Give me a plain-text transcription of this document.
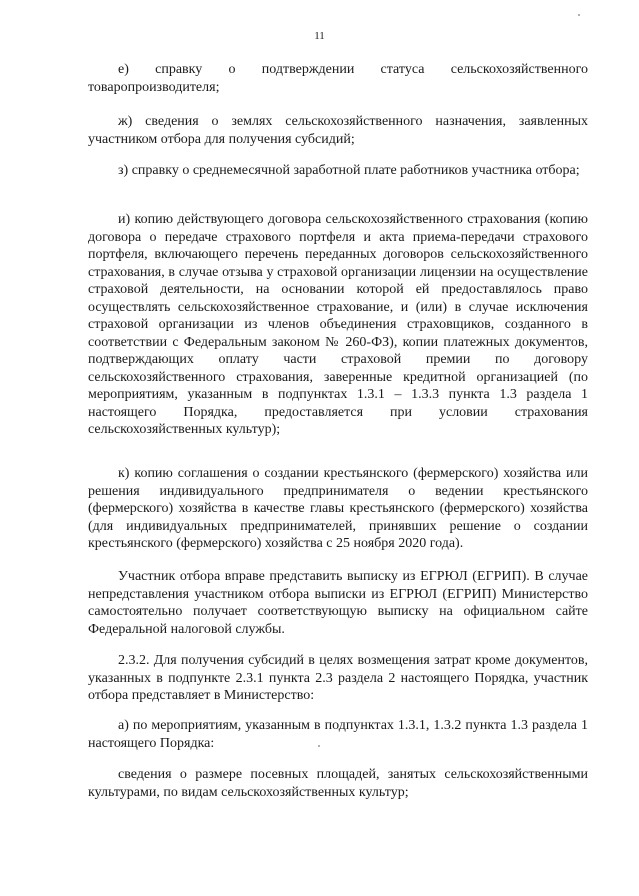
11

е) справку о подтверждении статуса сельскохозяйственного товаропроизводителя;

ж) сведения о землях сельскохозяйственного назначения, заявленных участником отбора для получения субсидий;

з) справку о среднемесячной заработной плате работников участника отбора;

и) копию действующего договора сельскохозяйственного страхования (копию договора о передаче страхового портфеля и акта приема-передачи страхового портфеля, включающего перечень переданных договоров сельскохозяйственного страхования, в случае отзыва у страховой организации лицензии на осуществление страховой деятельности, на основании которой ей предоставлялось право осуществлять сельскохозяйственное страхование, и (или) в случае исключения страховой организации из членов объединения страховщиков, созданного в соответствии с Федеральным законом № 260-ФЗ), копии платежных документов, подтверждающих оплату части страховой премии по договору сельскохозяйственного страхования, заверенные кредитной организацией (по мероприятиям, указанным в подпунктах 1.3.1 – 1.3.3 пункта 1.3 раздела 1 настоящего Порядка, предоставляется при условии страхования сельскохозяйственных культур);

к) копию соглашения о создании крестьянского (фермерского) хозяйства или решения индивидуального предпринимателя о ведении крестьянского (фермерского) хозяйства в качестве главы крестьянского (фермерского) хозяйства (для индивидуальных предпринимателей, принявших решение о создании крестьянского (фермерского) хозяйства с 25 ноября 2020 года).

Участник отбора вправе представить выписку из ЕГРЮЛ (ЕГРИП). В случае непредставления участником отбора выписки из ЕГРЮЛ (ЕГРИП) Министерство самостоятельно получает соответствующую выписку на официальном сайте Федеральной налоговой службы.

2.3.2. Для получения субсидий в целях возмещения затрат кроме документов, указанных в подпункте 2.3.1 пункта 2.3 раздела 2 настоящего Порядка, участник отбора представляет в Министерство:

а) по мероприятиям, указанным в подпунктах 1.3.1, 1.3.2 пункта 1.3 раздела 1 настоящего Порядка:

сведения о размере посевных площадей, занятых сельскохозяйственными культурами, по видам сельскохозяйственных культур;
